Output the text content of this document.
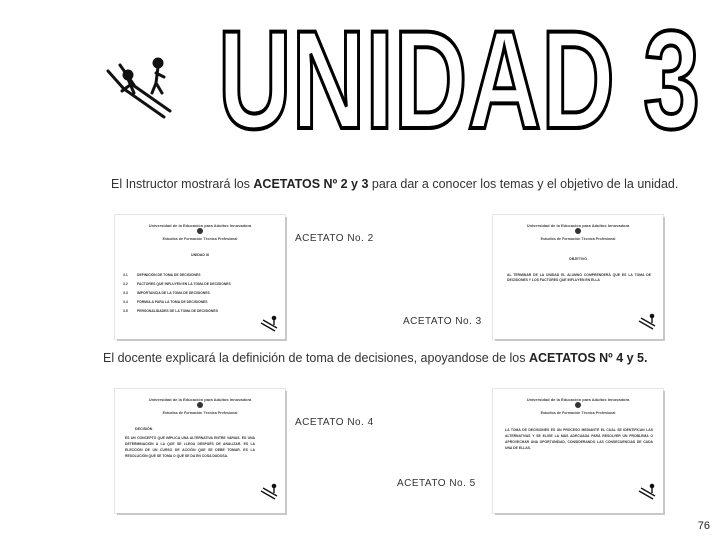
UNIDAD 3
El Instructor mostrará los ACETATOS Nº 2 y 3 para dar a conocer los temas y el objetivo de la unidad.
Universidad de la Educación para Adultos Innovadora
Estudios de Formación Técnica Profesional
UNIDAD III
3.1	DEFINICIÓN DE TOMA DE DECISIONES
3.2	FACTORES QUE INFLUYEN EN LA TOMA DE DECISIONES
3.3	IMPORTANCIA DE LA TOMA DE DECISIONES
3.4	FÓRMULA PARA LA TOMA DE DECISIONES
3.5	PERSONALIDADES DE LA TOMA DE DECISIONES
ACETATO No. 2
Universidad de la Educación para Adultos Innovadora
Estudios de Formación Técnica Profesional
OBJETIVO
AL TERMINAR DE LA UNIDAD EL ALUMNO COMPRENDERÁ QUE ES LA TOMA DE DECISIONES Y LOS FACTORES QUE INFLUYEN EN ELLA
ACETATO No. 3
El docente explicará la definición de toma de decisiones, apoyandose de los ACETATOS Nº 4 y 5.
Universidad de la Educación para Adultos Innovadora
Estudios de Formación Técnica Profesional
DECISIÓN
ES UN CONCEPTO QUE IMPLICA UNA ALTERNATIVA ENTRE VARIAS. ES UNA DETERMINACIÓN A LA QUE SE LLEGA DESPUÉS DE ANALIZAR. ES LA ELECCIÓN DE UN CURSO DE ACCIÓN QUE SE DEBE TOMAR. ES LA RESOLUCIÓN QUE SE TOMA O QUE SE DA EN COSA DUDOSA.
ACETATO No. 4
Universidad de la Educación para Adultos Innovadora
Estudios de Formación Técnica Profesional
LA TOMA DE DECISIONES ES UN PROCESO MEDIANTE EL CUAL SE IDENTIFICAN LAS ALTERNATIVAS Y SE ELIGE LA MÁS ADECUADA PARA RESOLVER UN PROBLEMA O APROVECHAR UNA OPORTUNIDAD, CONSIDERANDO LAS CONSECUENCIAS DE CADA UNA DE ELLAS.
ACETATO No. 5
76
